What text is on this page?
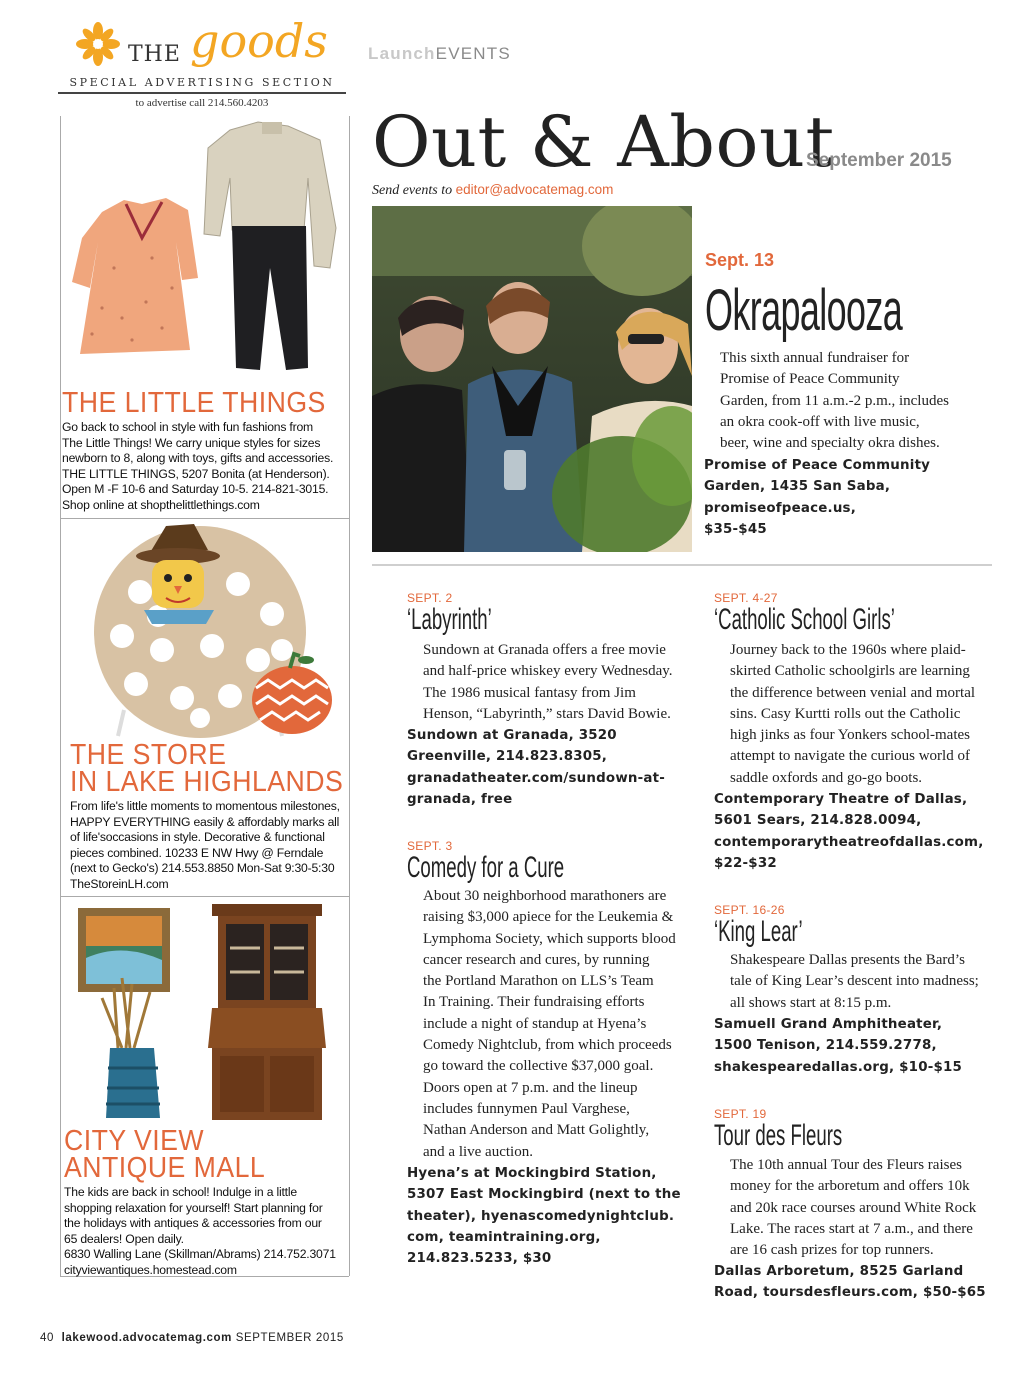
THE goods
SPECIAL ADVERTISING SECTION
to advertise call 214.560.4203
THE LITTLE THINGS
Go back to school in style with fun fashions from
The Little Things! We carry unique styles for sizes
newborn to 8, along with toys, gifts and accessories.
THE LITTLE THINGS, 5207 Bonita (at Henderson).
Open M -F 10-6 and Saturday 10-5. 214-821-3015.
Shop online at shopthelittlethings.com
THE STORE
IN LAKE HIGHLANDS
From life's little moments to momentous milestones,
HAPPY EVERYTHING easily & affordably marks all
of life'soccasions in style. Decorative & functional
pieces combined. 10233 E NW Hwy @ Ferndale
(next to Gecko's) 214.553.8850 Mon-Sat 9:30-5:30
TheStoreinLH.com
CITY VIEW
ANTIQUE MALL
The kids are back in school! Indulge in a little
shopping relaxation for yourself! Start planning for
the holidays with antiques & accessories from our
65 dealers! Open daily.
6830 Walling Lane (Skillman/Abrams) 214.752.3071
cityviewantiques.homestead.com
LaunchEVENTS
Out & About
September 2015
Send events to editor@advocatemag.com
Sept. 13
Okrapalooza
This sixth annual fundraiser for
Promise of Peace Community
Garden, from 11 a.m.-2 p.m., includes
an okra cook-off with live music,
beer, wine and specialty okra dishes.
Promise of Peace Community
Garden, 1435 San Saba,
promiseofpeace.us,
$35-$45
SEPT. 2
‘Labyrinth’
Sundown at Granada offers a free movie
and half-price whiskey every Wednesday.
The 1986 musical fantasy from Jim
Henson, “Labyrinth,” stars David Bowie.
Sundown at Granada, 3520
Greenville, 214.823.8305,
granadatheater.com/sundown-at-
granada, free
SEPT. 3
Comedy for a Cure
About 30 neighborhood marathoners are
raising $3,000 apiece for the Leukemia &
Lymphoma Society, which supports blood
cancer research and cures, by running
the Portland Marathon on LLS’s Team
In Training. Their fundraising efforts
include a night of standup at Hyena’s
Comedy Nightclub, from which proceeds
go toward the collective $37,000 goal.
Doors open at 7 p.m. and the lineup
includes funnymen Paul Varghese,
Nathan Anderson and Matt Golightly,
and a live auction.
Hyena’s at Mockingbird Station,
5307 East Mockingbird (next to the
theater), hyenascomedynightclub.
com, teamintraining.org,
214.823.5233, $30
SEPT. 4-27
‘Catholic School Girls’
Journey back to the 1960s where plaid-
skirted Catholic schoolgirls are learning
the difference between venial and mortal
sins. Casy Kurtti rolls out the Catholic
high jinks as four Yonkers school-mates
attempt to navigate the curious world of
saddle oxfords and go-go boots.
Contemporary Theatre of Dallas,
5601 Sears, 214.828.0094,
contemporarytheatreofdallas.com,
$22-$32
SEPT. 16-26
‘King Lear’
Shakespeare Dallas presents the Bard’s
tale of King Lear’s descent into madness;
all shows start at 8:15 p.m.
Samuell Grand Amphitheater,
1500 Tenison, 214.559.2778,
shakespearedallas.org, $10-$15
SEPT. 19
Tour des Fleurs
The 10th annual Tour des Fleurs raises
money for the arboretum and offers 10k
and 20k race courses around White Rock
Lake. The races start at 7 a.m., and there
are 16 cash prizes for top runners.
Dallas Arboretum, 8525 Garland
Road, toursdesfleurs.com, $50-$65
40 lakewood.advocatemag.com SEPTEMBER 2015
